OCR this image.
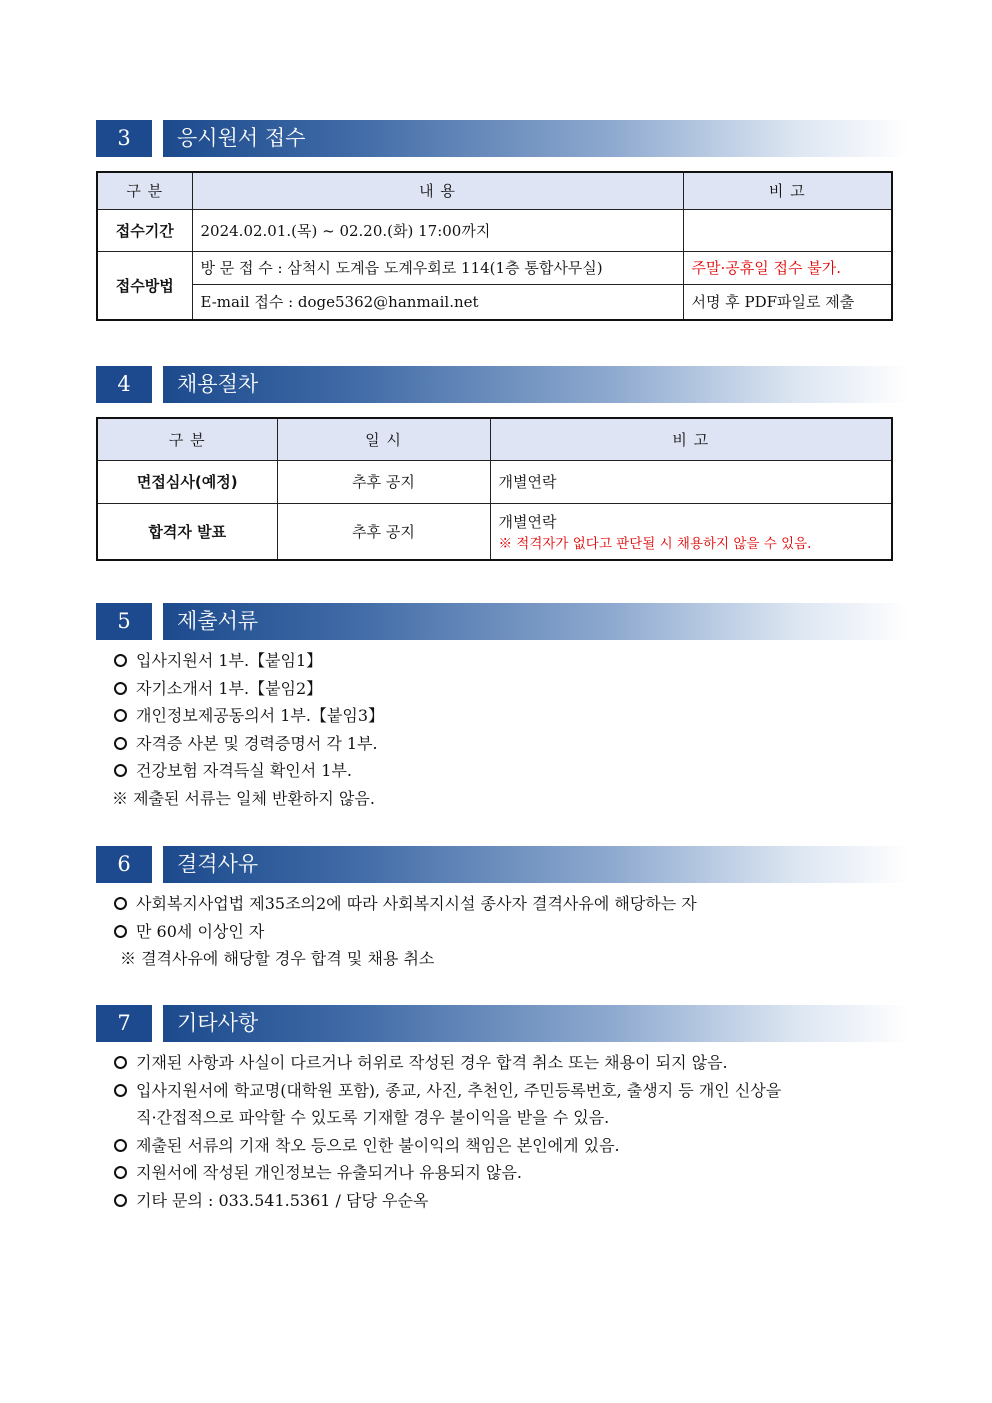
3	응시원서 접수
구 분	내 용	비 고
접수기간	2024.02.01.(목) ~ 02.20.(화) 17:00까지	
접수방법	방 문 접 수 : 삼척시 도계읍 도계우회로 114(1층 통합사무실)	주말·공휴일 접수 불가.
	E-mail 접수 : doge5362@hanmail.net	서명 후 PDF파일로 제출
4	채용절차
구 분	일 시	비 고
면접심사(예정)	추후 공지	개별연락
합격자 발표	추후 공지	개별연락
※ 적격자가 없다고 판단될 시 채용하지 않을 수 있음.
5	제출서류
입사지원서 1부.【붙임1】
자기소개서 1부.【붙임2】
개인정보제공동의서 1부.【붙임3】
자격증 사본 및 경력증명서 각 1부.
건강보험 자격득실 확인서 1부.
※ 제출된 서류는 일체 반환하지 않음.
6	결격사유
사회복지사업법 제35조의2에 따라 사회복지시설 종사자 결격사유에 해당하는 자
만 60세 이상인 자
※ 결격사유에 해당할 경우 합격 및 채용 취소
7	기타사항
기재된 사항과 사실이 다르거나 허위로 작성된 경우 합격 취소 또는 채용이 되지 않음.
입사지원서에 학교명(대학원 포함), 종교, 사진, 추천인, 주민등록번호, 출생지 등 개인 신상을
직·간접적으로 파악할 수 있도록 기재할 경우 불이익을 받을 수 있음.
제출된 서류의 기재 착오 등으로 인한 불이익의 책임은 본인에게 있음.
지원서에 작성된 개인정보는 유출되거나 유용되지 않음.
기타 문의 : 033.541.5361 / 담당 우순옥
